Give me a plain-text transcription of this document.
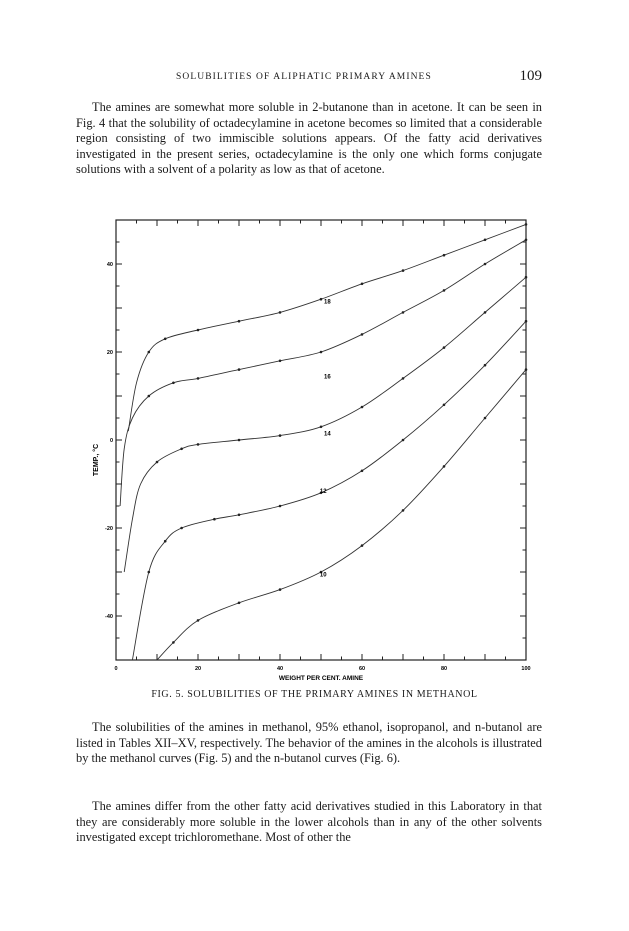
SOLUBILITIES OF ALIPHATIC PRIMARY AMINES	109

The amines are somewhat more soluble in 2-butanone than in acetone. It can be seen in Fig. 4 that the solubility of octadecylamine in acetone becomes so limited that a considerable region consisting of two immiscible solutions appears. Of the fatty acid derivatives investigated in the present series, octadecylamine is the only one which forms conjugate solutions with a solvent of a polarity as low as that of acetone.

18
16
14
12
10
0	20	40	60	80	100
40
20
0
-20
-40
WEIGHT PER CENT. AMINE
TEMP., °C
FIG. 5. SOLUBILITIES OF THE PRIMARY AMINES IN METHANOL

The solubilities of the amines in methanol, 95% ethanol, isopropanol, and n-butanol are listed in Tables XII–XV, respectively. The behavior of the amines in the alcohols is illustrated by the methanol curves (Fig. 5) and the n-butanol curves (Fig. 6).

The amines differ from the other fatty acid derivatives studied in this Laboratory in that they are considerably more soluble in the lower alcohols than in any of the other solvents investigated except trichloromethane. Most of other the
